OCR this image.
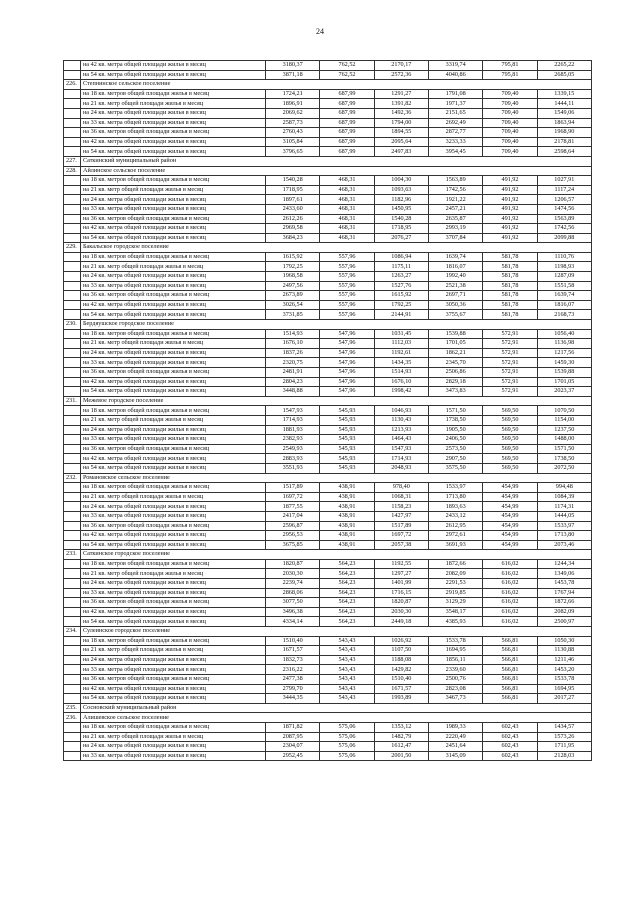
24
	на 42 кв. метра общей площади жилья в месяц	3180,37	762,52	2170,17	3319,74	795,81	2265,22
	на 54 кв. метра общей площади жилья в месяц	3871,18	762,52	2572,36	4040,86	795,81	2685,05
226.	Степнинское сельское поселение						
	на 18 кв. метров общей площади жилья в месяц	1724,21	687,99	1291,27	1791,08	709,40	1339,15
	на 21 кв. метр общей площади жилья в месяц	1896,91	687,99	1391,82	1971,37	709,40	1444,11
	на 24 кв. метра общей площади жилья в месяц	2069,62	687,99	1492,36	2151,65	709,40	1549,06
	на 33 кв. метра общей площади жилья в месяц	2587,73	687,99	1794,00	2692,49	709,40	1863,94
	на 36 кв. метров общей площади жилья в месяц	2760,43	687,99	1894,55	2872,77	709,40	1968,90
	на 42 кв. метра общей площади жилья в месяц	3105,84	687,99	2095,64	3233,33	709,40	2178,81
	на 54 кв. метра общей площади жилья в месяц	3796,65	687,99	2497,83	3954,45	709,40	2598,64
227.	Саткинский муниципальный район						
228.	Айлинское сельское поселение						
	на 18 кв. метров общей площади жилья в месяц	1540,28	468,31	1004,30	1563,89	491,92	1027,91
	на 21 кв. метр общей площади жилья в месяц	1718,95	468,31	1093,63	1742,56	491,92	1117,24
	на 24 кв. метра общей площади жилья в месяц	1897,61	468,31	1182,96	1921,22	491,92	1206,57
	на 33 кв. метра общей площади жилья в месяц	2433,60	468,31	1450,95	2457,21	491,92	1474,56
	на 36 кв. метров общей площади жилья в месяц	2612,26	468,31	1540,28	2635,87	491,92	1563,89
	на 42 кв. метра общей площади жилья в месяц	2969,58	468,31	1718,95	2993,19	491,92	1742,56
	на 54 кв. метра общей площади жилья в месяц	3684,23	468,31	2076,27	3707,84	491,92	2099,88
229.	Бакальское городское поселение						
	на 18 кв. метров общей площади жилья в месяц	1615,92	557,96	1086,94	1639,74	581,78	1110,76
	на 21 кв. метр общей площади жилья в месяц	1792,25	557,96	1175,11	1816,07	581,78	1198,93
	на 24 кв. метра общей площади жилья в месяц	1968,58	557,96	1263,27	1992,40	581,78	1287,09
	на 33 кв. метра общей площади жилья в месяц	2497,56	557,96	1527,76	2521,38	581,78	1551,58
	на 36 кв. метров общей площади жилья в месяц	2673,89	557,96	1615,92	2697,71	581,78	1639,74
	на 42 кв. метра общей площади жилья в месяц	3026,54	557,96	1792,25	3050,36	581,78	1816,07
	на 54 кв. метра общей площади жилья в месяц	3731,85	557,96	2144,91	3755,67	581,78	2168,73
230.	Бердяушское городское поселение						
	на 18 кв. метров общей площади жилья в месяц	1514,93	547,96	1031,45	1539,88	572,91	1056,40
	на 21 кв. метр общей площади жилья в месяц	1676,10	547,96	1112,03	1701,05	572,91	1136,98
	на 24 кв. метра общей площади жилья в месяц	1837,26	547,96	1192,61	1862,21	572,91	1217,56
	на 33 кв. метра общей площади жилья в месяц	2320,75	547,96	1434,35	2345,70	572,91	1459,30
	на 36 кв. метров общей площади жилья в месяц	2481,91	547,96	1514,93	2506,86	572,91	1539,88
	на 42 кв. метра общей площади жилья в месяц	2804,23	547,96	1676,10	2829,18	572,91	1701,05
	на 54 кв. метра общей площади жилья в месяц	3448,88	547,96	1998,42	3473,83	572,91	2023,37
231.	Межевое городское поселение						
	на 18 кв. метров общей площади жилья в месяц	1547,93	545,93	1046,93	1571,50	569,50	1070,50
	на 21 кв. метр общей площади жилья в месяц	1714,93	545,93	1130,43	1738,50	569,50	1154,00
	на 24 кв. метра общей площади жилья в месяц	1881,93	545,93	1213,93	1905,50	569,50	1237,50
	на 33 кв. метра общей площади жилья в месяц	2382,93	545,93	1464,43	2406,50	569,50	1488,00
	на 36 кв. метров общей площади жилья в месяц	2549,93	545,93	1547,93	2573,50	569,50	1571,50
	на 42 кв. метра общей площади жилья в месяц	2883,93	545,93	1714,93	2907,50	569,50	1738,50
	на 54 кв. метра общей площади жилья в месяц	3551,93	545,93	2048,93	3575,50	569,50	2072,50
232.	Романовское сельское поселение						
	на 18 кв. метров общей площади жилья в месяц	1517,89	438,91	978,40	1533,97	454,99	994,48
	на 21 кв. метр общей площади жилья в месяц	1697,72	438,91	1068,31	1713,80	454,99	1084,39
	на 24 кв. метра общей площади жилья в месяц	1877,55	438,91	1158,23	1893,63	454,99	1174,31
	на 33 кв. метра общей площади жилья в месяц	2417,04	438,91	1427,97	2433,12	454,99	1444,05
	на 36 кв. метров общей площади жилья в месяц	2596,87	438,91	1517,89	2612,95	454,99	1533,97
	на 42 кв. метра общей площади жилья в месяц	2956,53	438,91	1697,72	2972,61	454,99	1713,80
	на 54 кв. метра общей площади жилья в месяц	3675,85	438,91	2057,38	3691,93	454,99	2073,46
233.	Саткинское городское поселение						
	на 18 кв. метров общей площади жилья в месяц	1820,87	564,23	1192,55	1872,66	616,02	1244,34
	на 21 кв. метр общей площади жилья в месяц	2030,30	564,23	1297,27	2082,09	616,02	1349,06
	на 24 кв. метра общей площади жилья в месяц	2239,74	564,23	1401,99	2291,53	616,02	1453,78
	на 33 кв. метра общей площади жилья в месяц	2868,06	564,23	1716,15	2919,85	616,02	1767,94
	на 36 кв. метров общей площади жилья в месяц	3077,50	564,23	1820,87	3129,29	616,02	1872,66
	на 42 кв. метра общей площади жилья в месяц	3496,38	564,23	2030,30	3548,17	616,02	2082,09
	на 54 кв. метра общей площади жилья в месяц	4334,14	564,23	2449,18	4385,93	616,02	2500,97
234.	Сулеинское городское поселение						
	на 18 кв. метров общей площади жилья в месяц	1510,40	543,43	1026,92	1533,78	566,81	1050,30
	на 21 кв. метр общей площади жилья в месяц	1671,57	543,43	1107,50	1694,95	566,81	1130,88
	на 24 кв. метра общей площади жилья в месяц	1832,73	543,43	1188,08	1856,11	566,81	1211,46
	на 33 кв. метра общей площади жилья в месяц	2316,22	543,43	1429,82	2339,60	566,81	1453,20
	на 36 кв. метров общей площади жилья в месяц	2477,38	543,43	1510,40	2500,76	566,81	1533,78
	на 42 кв. метра общей площади жилья в месяц	2799,70	543,43	1671,57	2823,08	566,81	1694,95
	на 54 кв. метра общей площади жилья в месяц	3444,35	543,43	1993,89	3467,73	566,81	2017,27
235.	Сосновский муниципальный район						
236.	Алишевское сельское поселение						
	на 18 кв. метров общей площади жилья в месяц	1871,82	575,06	1353,12	1989,33	602,43	1434,57
	на 21 кв. метр общей площади жилья в месяц	2087,95	575,06	1482,79	2220,49	602,43	1573,26
	на 24 кв. метра общей площади жилья в месяц	2304,07	575,06	1612,47	2451,64	602,43	1711,95
	на 33 кв. метра общей площади жилья в месяц	2952,45	575,06	2001,50	3145,09	602,43	2128,03
